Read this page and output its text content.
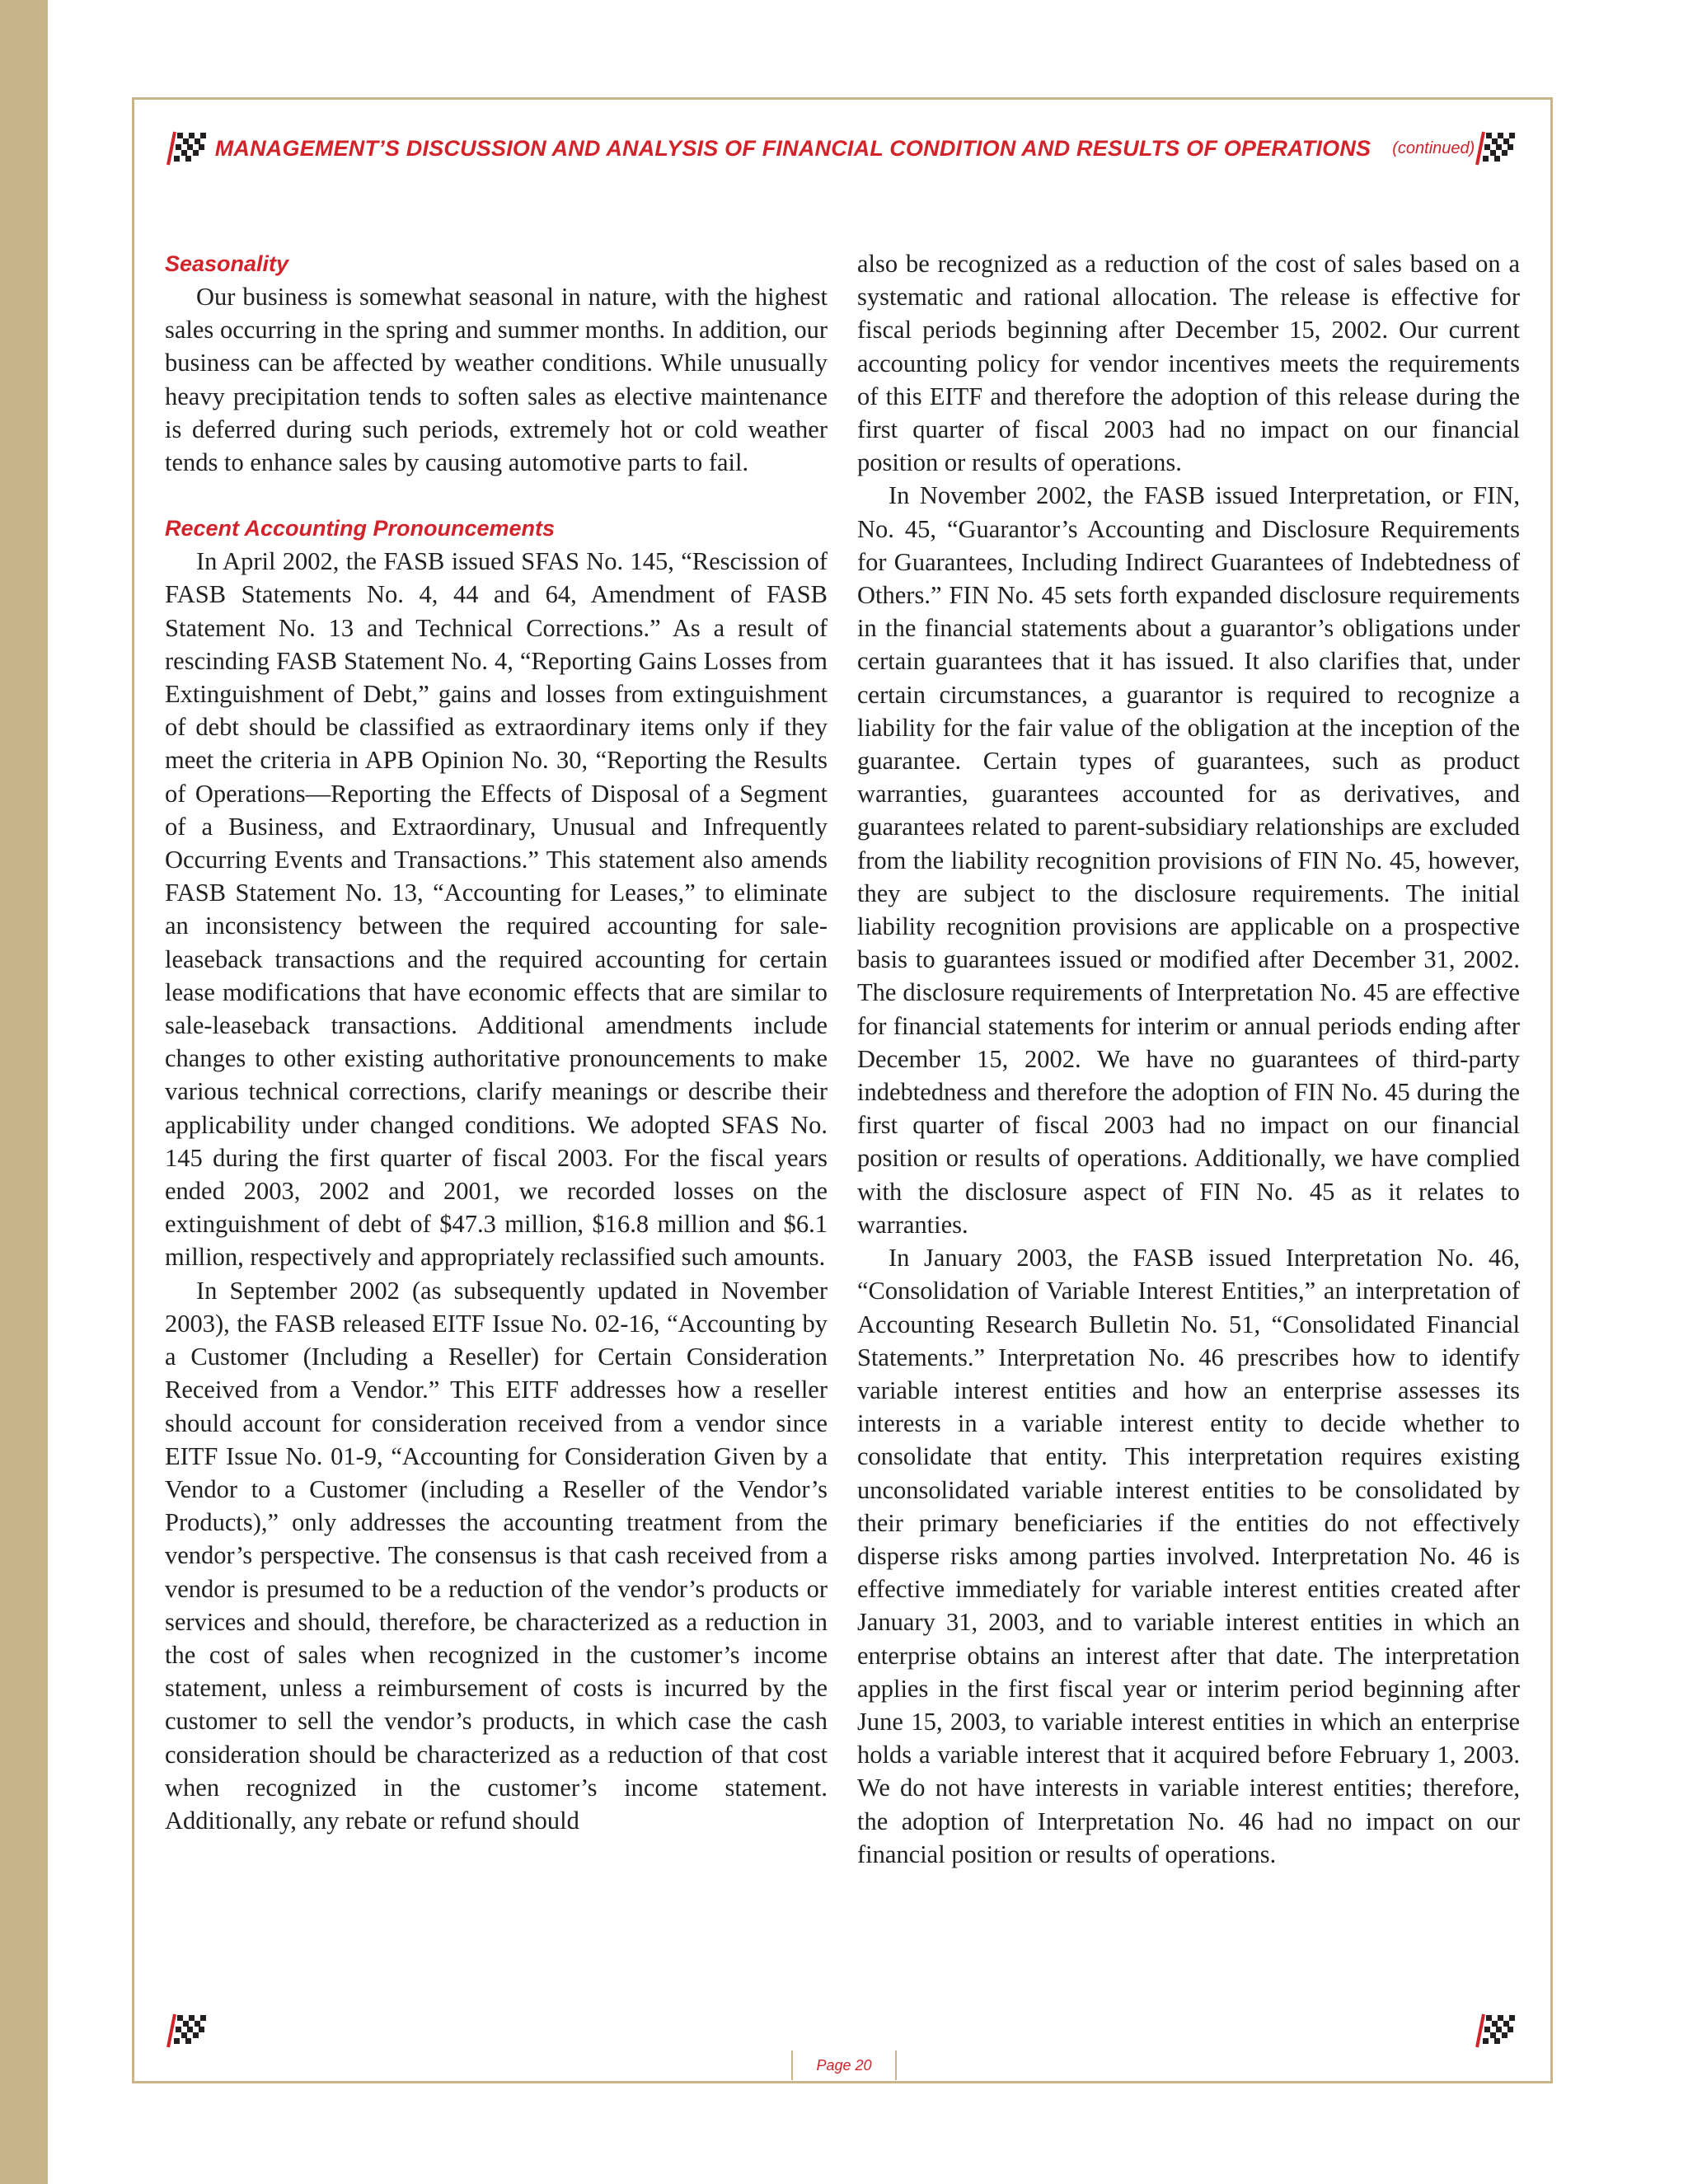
MANAGEMENT’S DISCUSSION AND ANALYSIS OF FINANCIAL CONDITION AND RESULTS OF OPERATIONS (continued)
Seasonality

Our business is somewhat seasonal in nature, with the highest sales occurring in the spring and summer months. In addition, our business can be affected by weather conditions. While unusually heavy precipitation tends to soften sales as elective maintenance is deferred during such periods, extremely hot or cold weather tends to enhance sales by causing automotive parts to fail.

Recent Accounting Pronouncements

In April 2002, the FASB issued SFAS No. 145, “Rescission of FASB Statements No. 4, 44 and 64, Amendment of FASB Statement No. 13 and Technical Corrections.” As a result of rescinding FASB Statement No. 4, “Reporting Gains Losses from Extinguishment of Debt,” gains and losses from extinguishment of debt should be classified as extraordinary items only if they meet the criteria in APB Opinion No. 30, “Reporting the Results of Operations—Reporting the Effects of Disposal of a Segment of a Business, and Extraordinary, Unusual and Infrequently Occurring Events and Transactions.” This statement also amends FASB Statement No. 13, “Accounting for Leases,” to eliminate an inconsistency between the required accounting for sale-leaseback transactions and the required accounting for certain lease modifications that have economic effects that are similar to sale-leaseback transactions. Additional amendments include changes to other existing authoritative pronouncements to make various technical corrections, clarify meanings or describe their applicability under changed conditions. We adopted SFAS No. 145 during the first quarter of fiscal 2003. For the fiscal years ended 2003, 2002 and 2001, we recorded losses on the extinguishment of debt of $47.3 million, $16.8 million and $6.1 million, respectively and appropriately reclassified such amounts.

In September 2002 (as subsequently updated in November 2003), the FASB released EITF Issue No. 02-16, “Accounting by a Customer (Including a Reseller) for Certain Consideration Received from a Vendor.” This EITF addresses how a reseller should account for consideration received from a vendor since EITF Issue No. 01-9, “Accounting for Consideration Given by a Vendor to a Customer (including a Reseller of the Vendor’s Products),” only addresses the accounting treatment from the vendor’s perspective. The consensus is that cash received from a vendor is presumed to be a reduction of the vendor’s products or services and should, therefore, be characterized as a reduction in the cost of sales when recognized in the customer’s income statement, unless a reimbursement of costs is incurred by the customer to sell the vendor’s products, in which case the cash consideration should be characterized as a reduction of that cost when recognized in the customer’s income statement. Additionally, any rebate or refund should

also be recognized as a reduction of the cost of sales based on a systematic and rational allocation. The release is effective for fiscal periods beginning after December 15, 2002. Our current accounting policy for vendor incentives meets the requirements of this EITF and therefore the adoption of this release during the first quarter of fiscal 2003 had no impact on our financial position or results of operations.

In November 2002, the FASB issued Interpretation, or FIN, No. 45, “Guarantor’s Accounting and Disclosure Requirements for Guarantees, Including Indirect Guarantees of Indebtedness of Others.” FIN No. 45 sets forth expanded disclosure requirements in the financial statements about a guarantor’s obligations under certain guarantees that it has issued. It also clarifies that, under certain circumstances, a guarantor is required to recognize a liability for the fair value of the obligation at the inception of the guarantee. Certain types of guarantees, such as product warranties, guarantees accounted for as derivatives, and guarantees related to parent-subsidiary relationships are excluded from the liability recognition provisions of FIN No. 45, however, they are subject to the disclosure requirements. The initial liability recognition provisions are applicable on a prospective basis to guarantees issued or modified after December 31, 2002. The disclosure requirements of Interpretation No. 45 are effective for financial statements for interim or annual periods ending after December 15, 2002. We have no guarantees of third-party indebtedness and therefore the adoption of FIN No. 45 during the first quarter of fiscal 2003 had no impact on our financial position or results of operations. Additionally, we have complied with the disclosure aspect of FIN No. 45 as it relates to warranties.

In January 2003, the FASB issued Interpretation No. 46, “Consolidation of Variable Interest Entities,” an interpretation of Accounting Research Bulletin No. 51, “Consolidated Financial Statements.” Interpretation No. 46 prescribes how to identify variable interest entities and how an enterprise assesses its interests in a variable interest entity to decide whether to consolidate that entity. This interpretation requires existing unconsolidated variable interest entities to be consolidated by their primary beneficiaries if the entities do not effectively disperse risks among parties involved. Interpretation No. 46 is effective immediately for variable interest entities created after January 31, 2003, and to variable interest entities in which an enterprise obtains an interest after that date. The interpretation applies in the first fiscal year or interim period beginning after June 15, 2003, to variable interest entities in which an enterprise holds a variable interest that it acquired before February 1, 2003. We do not have interests in variable interest entities; therefore, the adoption of Interpretation No. 46 had no impact on our financial position or results of operations.

Page 20
